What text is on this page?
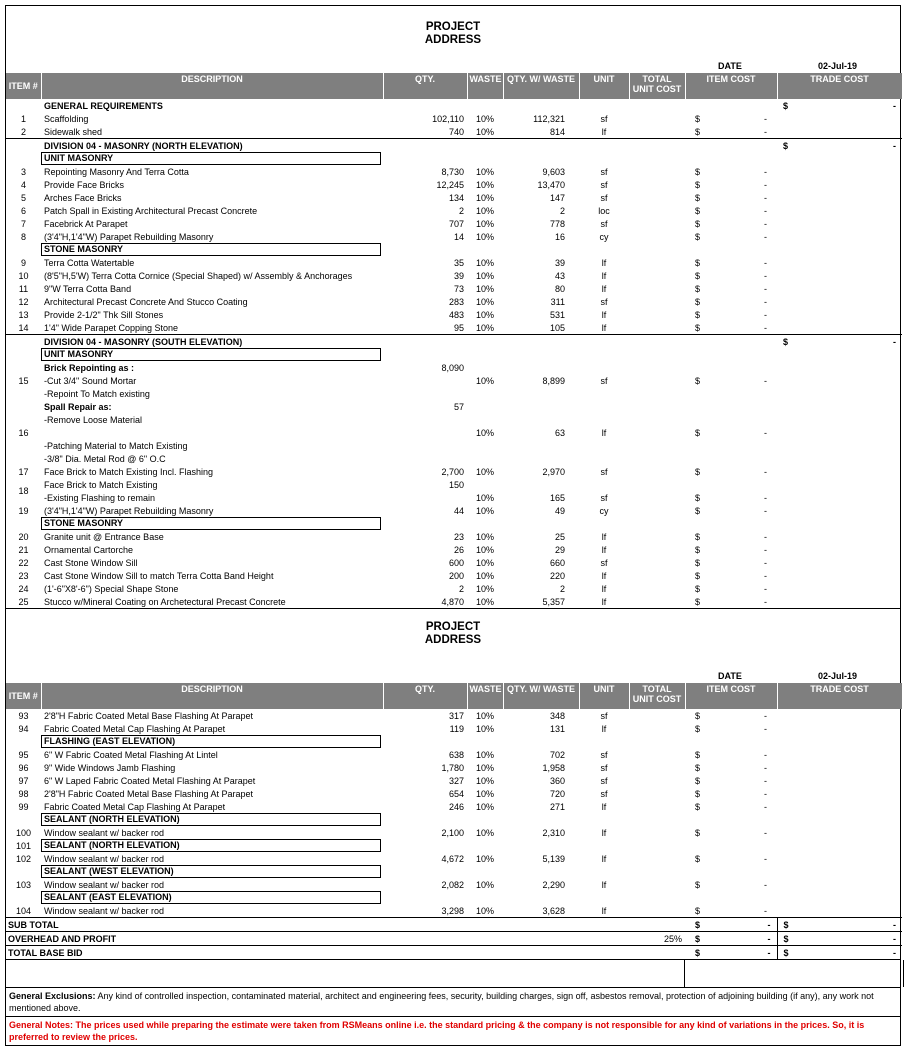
PROJECT
ADDRESS
DATE	02-Jul-19
ITEM #	DESCRIPTION	QTY.	WASTE	QTY. W/ WASTE	UNIT	TOTAL UNIT COST	ITEM COST	TRADE COST
	GENERAL REQUIREMENTS							$ -

1	Scaffolding	102,110	10%	112,321	sf		$ -	

2	Sidewalk shed	740	10%	814	lf		$ -	

	DIVISION 04 - MASONRY (NORTH ELEVATION)							$ -

	UNIT MASONRY							
3	Repointing Masonry And Terra Cotta	8,730	10%	9,603	sf		$ -	

4	Provide Face Bricks	12,245	10%	13,470	sf		$ -	

5	Arches Face Bricks	134	10%	147	sf		$ -	

6	Patch Spall in Existing Architectural Precast Concrete	2	10%	2	loc		$ -	

7	Facebrick At Parapet	707	10%	778	sf		$ -	

8	(3'4"H,1'4"W) Parapet Rebuilding Masonry	14	10%	16	cy		$ -	

	STONE MASONRY							
9	Terra Cotta Watertable	35	10%	39	lf		$ -	

10	(8'5"H,5'W) Terra Cotta Cornice (Special Shaped) w/ Assembly & Anchorages	39	10%	43	lf		$ -	

11	9"W Terra Cotta Band	73	10%	80	lf		$ -	

12	Architectural Precast Concrete And Stucco Coating	283	10%	311	sf		$ -	

13	Provide 2-1/2" Thk Sill Stones	483	10%	531	lf		$ -	

14	1'4" Wide Parapet Copping Stone	95	10%	105	lf		$ -	

	DIVISION 04 - MASONRY (SOUTH ELEVATION)							$ -

	UNIT MASONRY							
15	Brick Repointing as :	8,090						
	-Cut 3/4" Sound Mortar		10%	8,899	sf		$ -	

	-Repoint To Match existing							
16	Spall Repair as:	57						
	-Remove Loose Material							
			10%	63	lf		$ -	

	-Patching Material to Match Existing							
	-3/8" Dia. Metal Rod @ 6" O.C							
17	Face Brick to Match Existing Incl. Flashing	2,700	10%	2,970	sf		$ -	

18	Face Brick to Match Existing	150						
	-Existing Flashing to remain		10%	165	sf		$ -	

19	(3'4"H,1'4"W) Parapet Rebuilding Masonry	44	10%	49	cy		$ -	

	STONE MASONRY							
20	Granite unit @ Entrance Base	23	10%	25	lf		$ -	

21	Ornamental Cartorche	26	10%	29	lf		$ -	

22	Cast Stone Window Sill	600	10%	660	sf		$ -	

23	Cast Stone Window Sill to match Terra Cotta Band Height	200	10%	220	lf		$ -	

24	(1'-6"X8'-6") Special Shape Stone	2	10%	2	lf		$ -	

25	Stucco w/Mineral Coating on Archetectural Precast Concrete	4,870	10%	5,357	lf		$ -	

PROJECT
ADDRESS
DATE	02-Jul-19
ITEM #	DESCRIPTION	QTY.	WASTE	QTY. W/ WASTE	UNIT	TOTAL UNIT COST	ITEM COST	TRADE COST
93	2'8"H Fabric Coated Metal Base Flashing At Parapet	317	10%	348	sf		$ -	

94	Fabric Coated Metal Cap Flashing At Parapet	119	10%	131	lf		$ -	

	FLASHING (EAST ELEVATION)							
95	6" W Fabric Coated Metal Flashing At Lintel	638	10%	702	sf		$ -	

96	9" Wide Windows Jamb Flashing	1,780	10%	1,958	sf		$ -	

97	6" W Laped Fabric Coated Metal Flashing At Parapet	327	10%	360	sf		$ -	

98	2'8"H Fabric Coated Metal Base Flashing At Parapet	654	10%	720	sf		$ -	

99	Fabric Coated Metal Cap Flashing At Parapet	246	10%	271	lf		$ -	

	SEALANT (NORTH ELEVATION)							
100	Window sealant w/ backer rod	2,100	10%	2,310	lf		$ -	

101	SEALANT (NORTH ELEVATION)							
102	Window sealant w/ backer rod	4,672	10%	5,139	lf		$ -	

	SEALANT (WEST ELEVATION)							
103	Window sealant w/ backer rod	2,082	10%	2,290	lf		$ -	

	SEALANT (EAST ELEVATION)							
104	Window sealant w/ backer rod	3,298	10%	3,628	lf		$ -	

SUB TOTAL							$ -	$ -

OVERHEAD AND PROFIT						25%	$ -	$ -

TOTAL BASE BID							$ -	$ -
General Exclusions: Any kind of controlled inspection, contaminated material, architect and engineering fees, security, building charges, sign off, asbestos removal, protection of adjoining building (if any), any work not mentioned above.
General Notes: The prices used while preparing the estimate were taken from RSMeans online i.e. the standard pricing & the company is not responsible for any kind of variations in the prices. So, it is preferred to review the prices.
